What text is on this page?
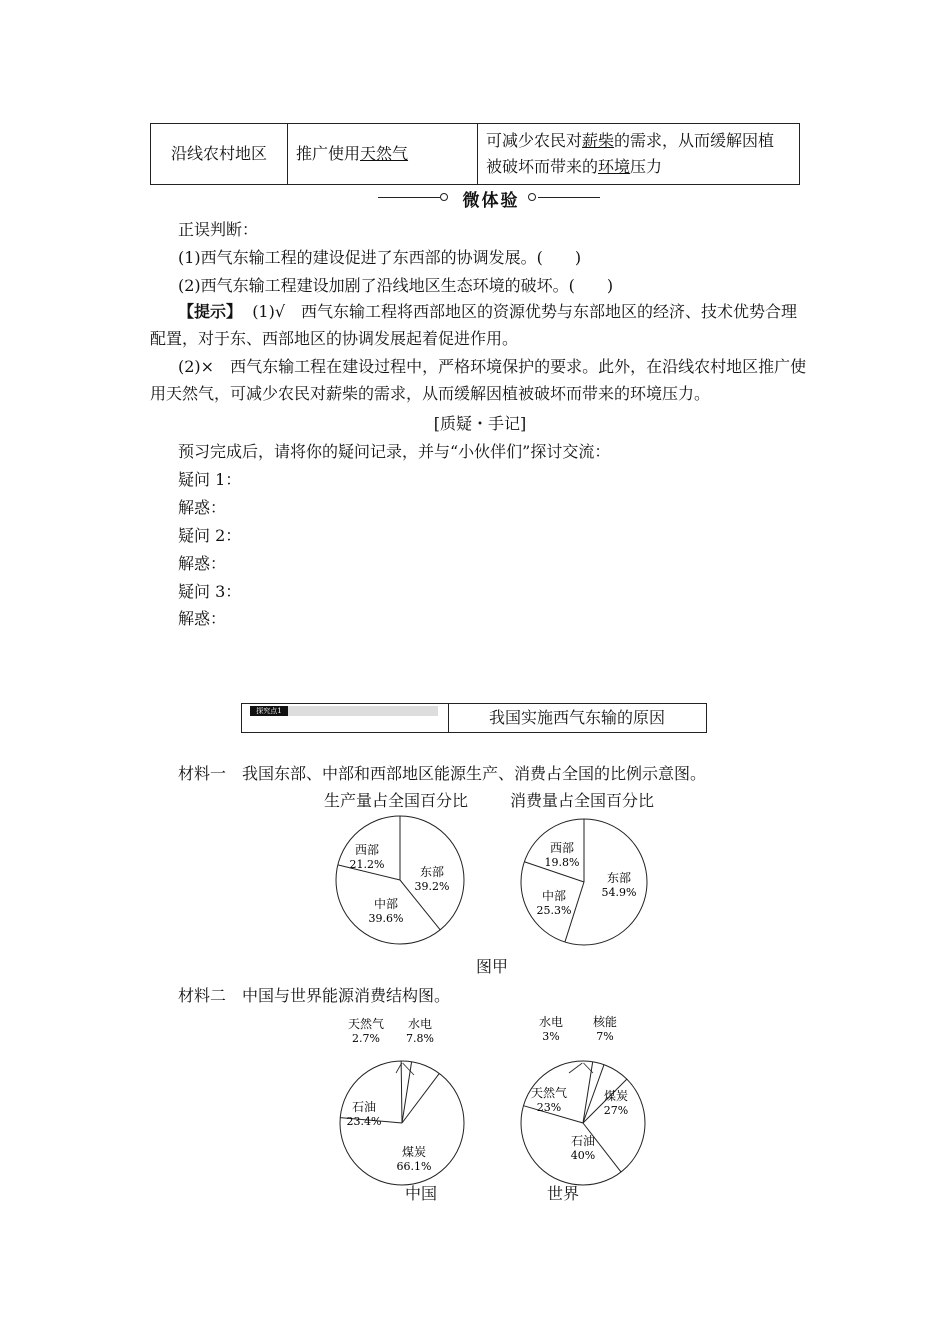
沿线农村地区	推广使用天然气	可减少农民对薪柴的需求，从而缓解因植
被破坏而带来的环境压力
微体验
正误判断：
(1)西气东输工程的建设促进了东西部的协调发展。(　　)
(2)西气东输工程建设加剧了沿线地区生态环境的破坏。(　　)
【提示】 (1)√　西气东输工程将西部地区的资源优势与东部地区的经济、技术优势合理配置，对于东、西部地区的协调发展起着促进作用。
(2)×　西气东输工程在建设过程中，严格环境保护的要求。此外，在沿线农村地区推广使用天然气，可减少农民对薪柴的需求，从而缓解因植被破坏而带来的环境压力。
[质疑・手记]
预习完成后，请将你的疑问记录，并与“小伙伴们”探讨交流：
疑问 1：
解惑：
疑问 2：
解惑：
疑问 3：
解惑：
探究点1	我国实施西气东输的原因
材料一　我国东部、中部和西部地区能源生产、消费占全国的比例示意图。
生产量占全国百分比	消费量占全国百分比
东部
39.2%
中部
39.6%
西部
21.2%
东部
54.9%
中部
25.3%
西部
19.8%
煤炭
66.1%
石油
23.4%
天然气
2.7%
水电
7.8%
煤炭
27%
石油
40%
天然气
23%
水电
3%
核能
7%
图甲
材料二　中国与世界能源消费结构图。
中国	世界
